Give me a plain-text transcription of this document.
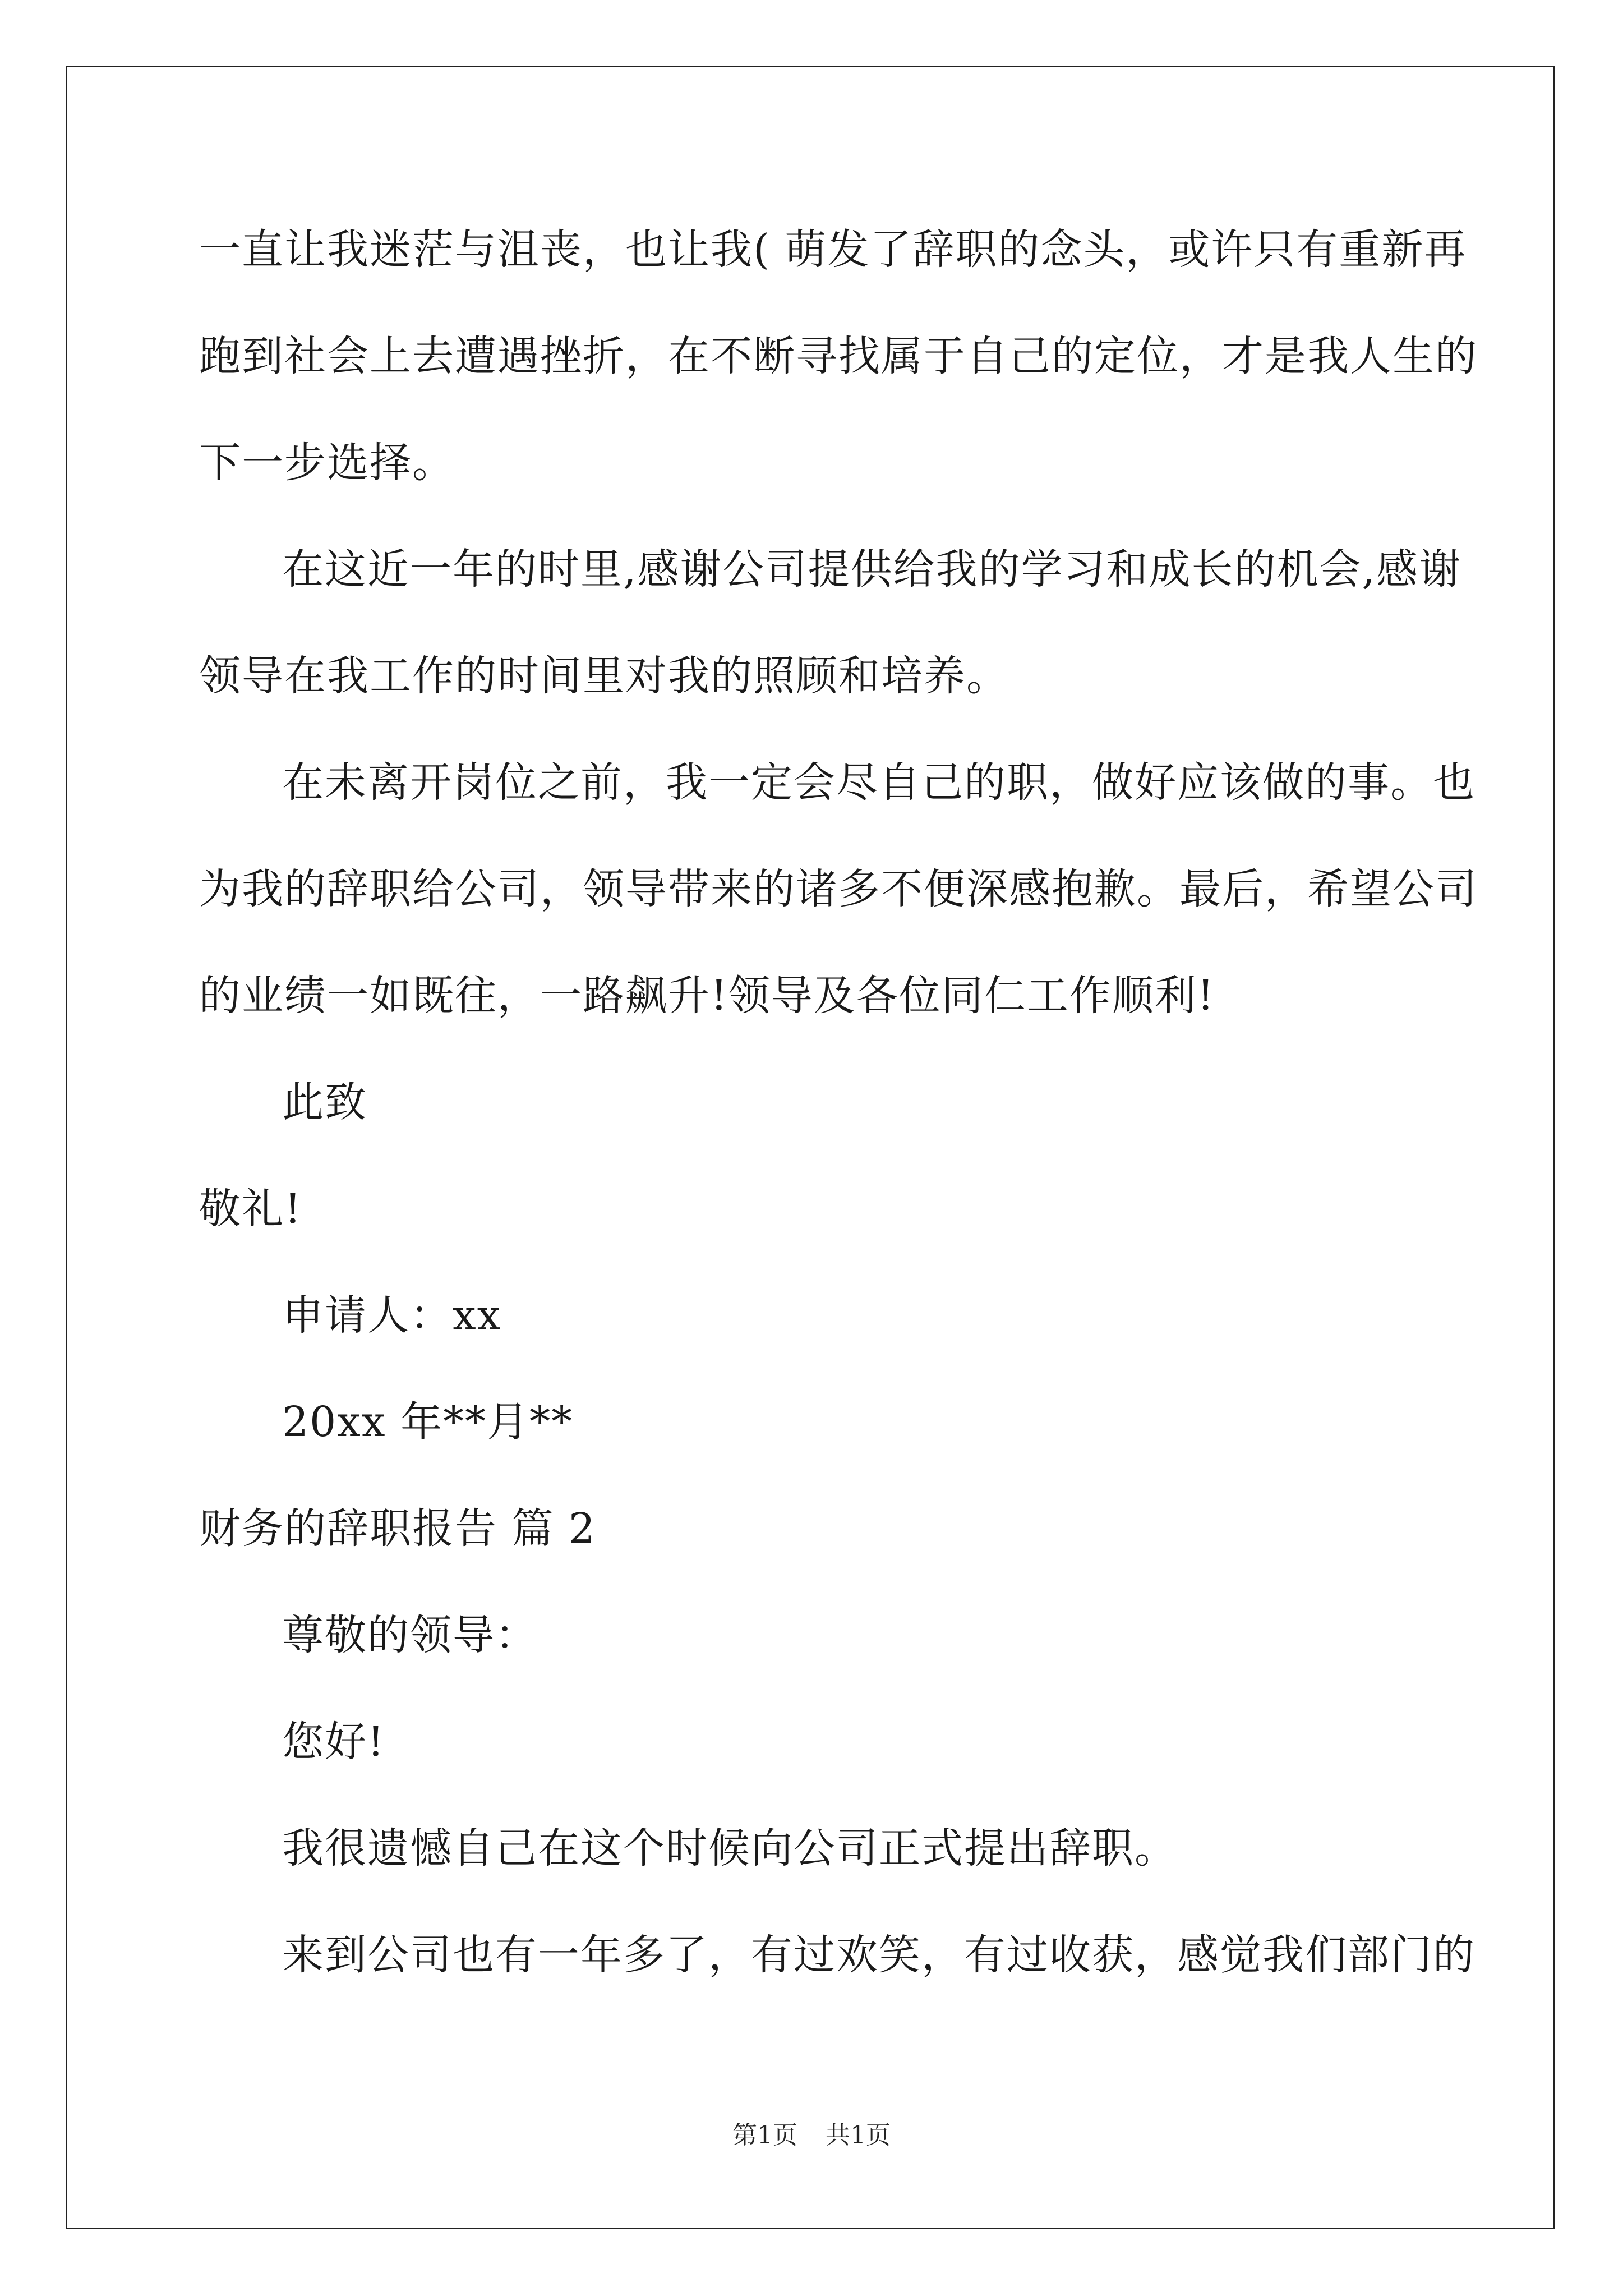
一直让我迷茫与沮丧，也让我( 萌发了辞职的念头，或许只有重新再
跑到社会上去遭遇挫折，在不断寻找属于自己的定位，才是我人生的
下一步选择。
在这近一年的时里,感谢公司提供给我的学习和成长的机会,感谢
领导在我工作的时间里对我的照顾和培养。
在未离开岗位之前，我一定会尽自己的职，做好应该做的事。也
为我的辞职给公司，领导带来的诸多不便深感抱歉。最后，希望公司
的业绩一如既往，一路飙升!领导及各位同仁工作顺利!
此致
敬礼!
申请人：xx
20xx 年**月**
财务的辞职报告 篇 2
尊敬的领导：
您好!
我很遗憾自己在这个时候向公司正式提出辞职。
来到公司也有一年多了，有过欢笑，有过收获，感觉我们部门的
第1页 共1页
